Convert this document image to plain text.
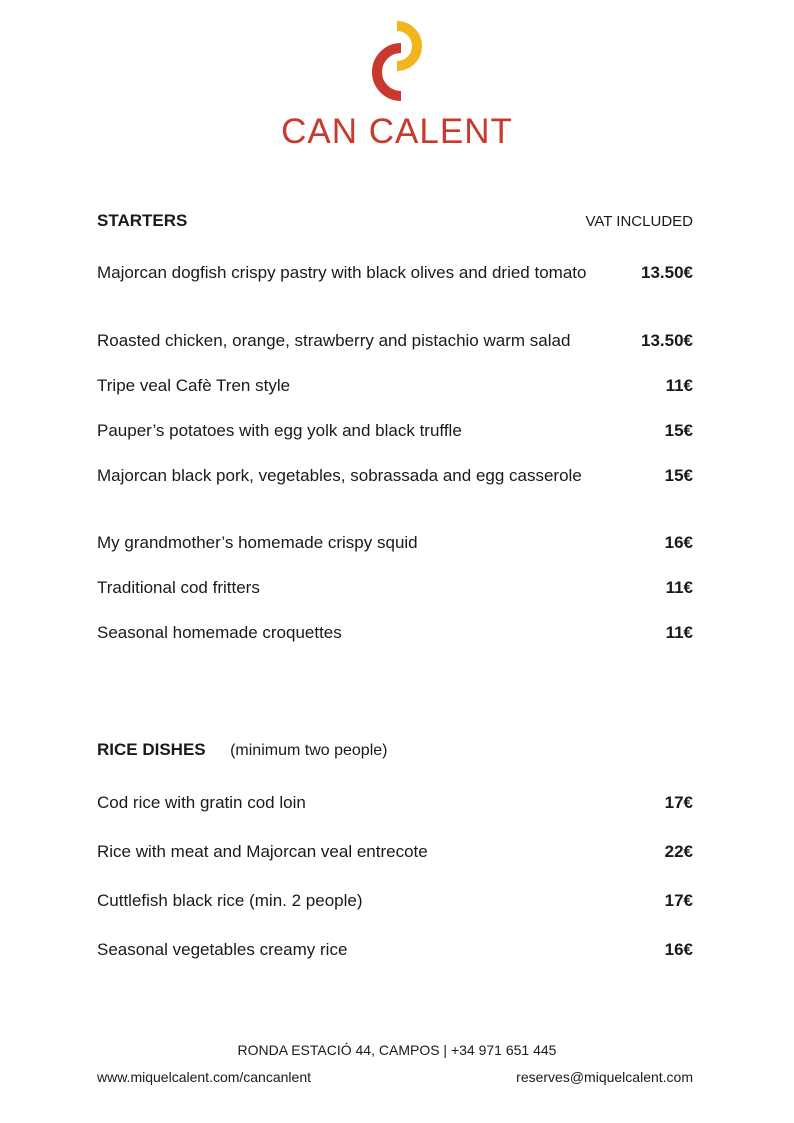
CAN CALENT
STARTERS	VAT INCLUDED
Majorcan dogfish crispy pastry with black olives and dried tomato	13.50€
Roasted chicken, orange, strawberry and pistachio warm salad	13.50€
Tripe veal Cafè Tren style	11€
Pauper’s potatoes with egg yolk and black truffle	15€
Majorcan black pork, vegetables, sobrassada and egg casserole	15€
My grandmother’s homemade crispy squid	16€
Traditional cod fritters	11€
Seasonal homemade croquettes	11€
RICE DISHES (minimum two people)
Cod rice with gratin cod loin	17€
Rice with meat and Majorcan veal entrecote	22€
Cuttlefish black rice (min. 2 people)	17€
Seasonal vegetables creamy rice	16€
RONDA ESTACIÓ 44, CAMPOS | +34 971 651 445
www.miquelcalent.com/cancanlent	reserves@miquelcalent.com
